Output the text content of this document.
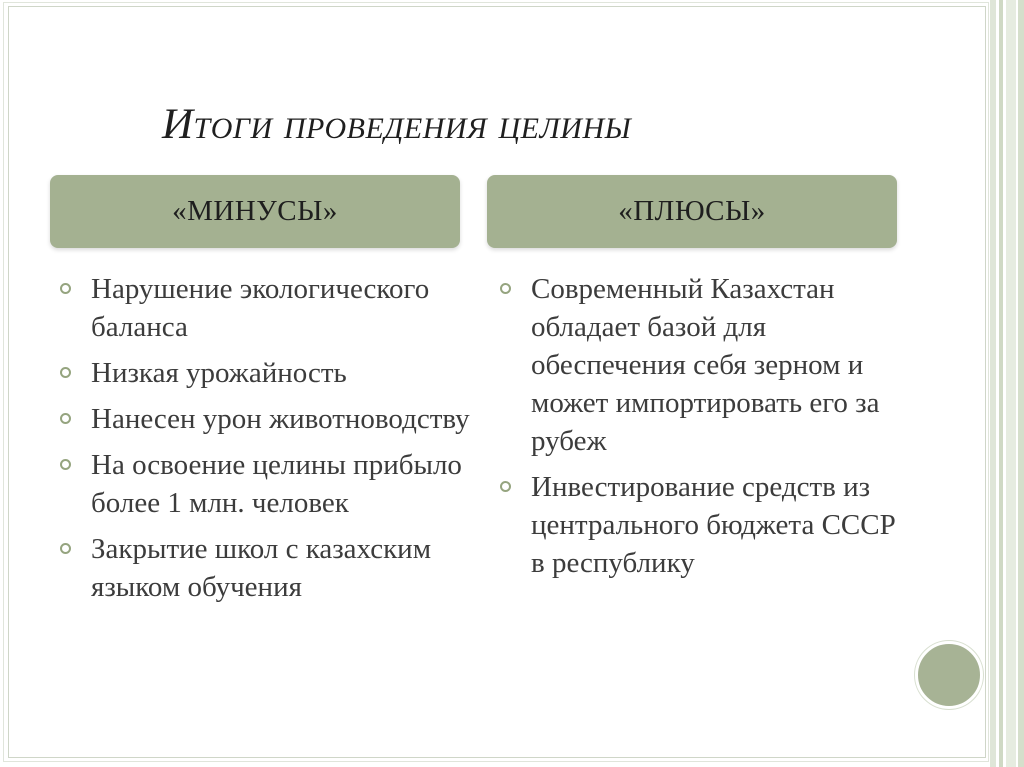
Итоги проведения целины
«МИНУСЫ»	«ПЛЮСЫ»
Нарушение экологического баланса
Низкая урожайность
Нанесен урон животноводству
На освоение целины прибыло более 1 млн. человек
Закрытие школ с казахским языком обучения
Современный Казахстан обладает базой для обеспечения себя зерном и может импортировать его за рубеж
Инвестирование средств из центрального бюджета СССР в республику
